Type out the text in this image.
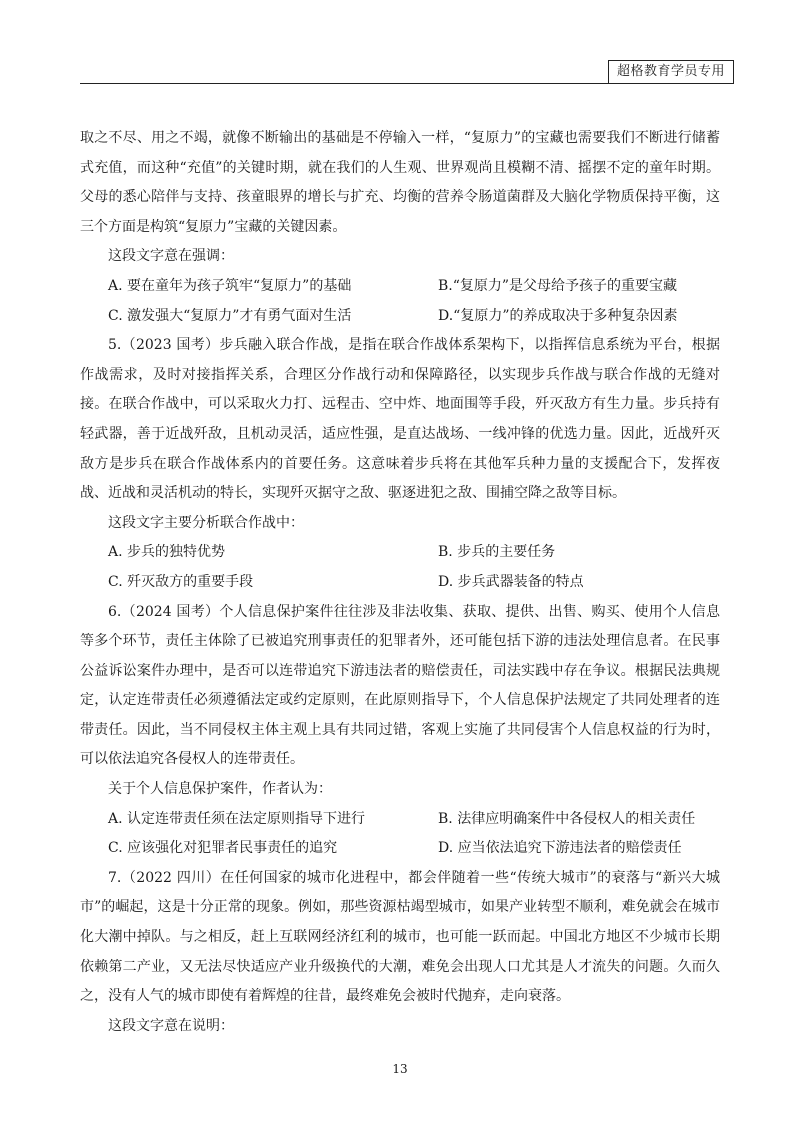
超格教育学员专用

取之不尽、用之不竭，就像不断输出的基础是不停输入一样，“复原力”的宝藏也需要我们不断进行储蓄式充值，而这种“充值”的关键时期，就在我们的人生观、世界观尚且模糊不清、摇摆不定的童年时期。父母的悉心陪伴与支持、孩童眼界的增长与扩充、均衡的营养令肠道菌群及大脑化学物质保持平衡，这三个方面是构筑“复原力”宝藏的关键因素。

这段文字意在强调：

A. 要在童年为孩子筑牢“复原力”的基础	B.“复原力”是父母给予孩子的重要宝藏
C. 激发强大“复原力”才有勇气面对生活	D.“复原力”的养成取决于多种复杂因素

5.（2023 国考）步兵融入联合作战，是指在联合作战体系架构下，以指挥信息系统为平台，根据作战需求，及时对接指挥关系，合理区分作战行动和保障路径，以实现步兵作战与联合作战的无缝对接。在联合作战中，可以采取火力打、远程击、空中炸、地面围等手段，歼灭敌方有生力量。步兵持有轻武器，善于近战歼敌，且机动灵活，适应性强，是直达战场、一线冲锋的优选力量。因此，近战歼灭敌方是步兵在联合作战体系内的首要任务。这意味着步兵将在其他军兵种力量的支援配合下，发挥夜战、近战和灵活机动的特长，实现歼灭据守之敌、驱逐进犯之敌、围捕空降之敌等目标。

这段文字主要分析联合作战中：

A. 步兵的独特优势	B. 步兵的主要任务
C. 歼灭敌方的重要手段	D. 步兵武器装备的特点

6.（2024 国考）个人信息保护案件往往涉及非法收集、获取、提供、出售、购买、使用个人信息等多个环节，责任主体除了已被追究刑事责任的犯罪者外，还可能包括下游的违法处理信息者。在民事公益诉讼案件办理中，是否可以连带追究下游违法者的赔偿责任，司法实践中存在争议。根据民法典规定，认定连带责任必须遵循法定或约定原则，在此原则指导下，个人信息保护法规定了共同处理者的连带责任。因此，当不同侵权主体主观上具有共同过错，客观上实施了共同侵害个人信息权益的行为时，可以依法追究各侵权人的连带责任。

关于个人信息保护案件，作者认为：

A. 认定连带责任须在法定原则指导下进行	B. 法律应明确案件中各侵权人的相关责任
C. 应该强化对犯罪者民事责任的追究	D. 应当依法追究下游违法者的赔偿责任

7.（2022 四川）在任何国家的城市化进程中，都会伴随着一些“传统大城市”的衰落与“新兴大城市”的崛起，这是十分正常的现象。例如，那些资源枯竭型城市，如果产业转型不顺利，难免就会在城市化大潮中掉队。与之相反，赶上互联网经济红利的城市，也可能一跃而起。中国北方地区不少城市长期依赖第二产业，又无法尽快适应产业升级换代的大潮，难免会出现人口尤其是人才流失的问题。久而久之，没有人气的城市即使有着辉煌的往昔，最终难免会被时代抛弃，走向衰落。

这段文字意在说明：

13
